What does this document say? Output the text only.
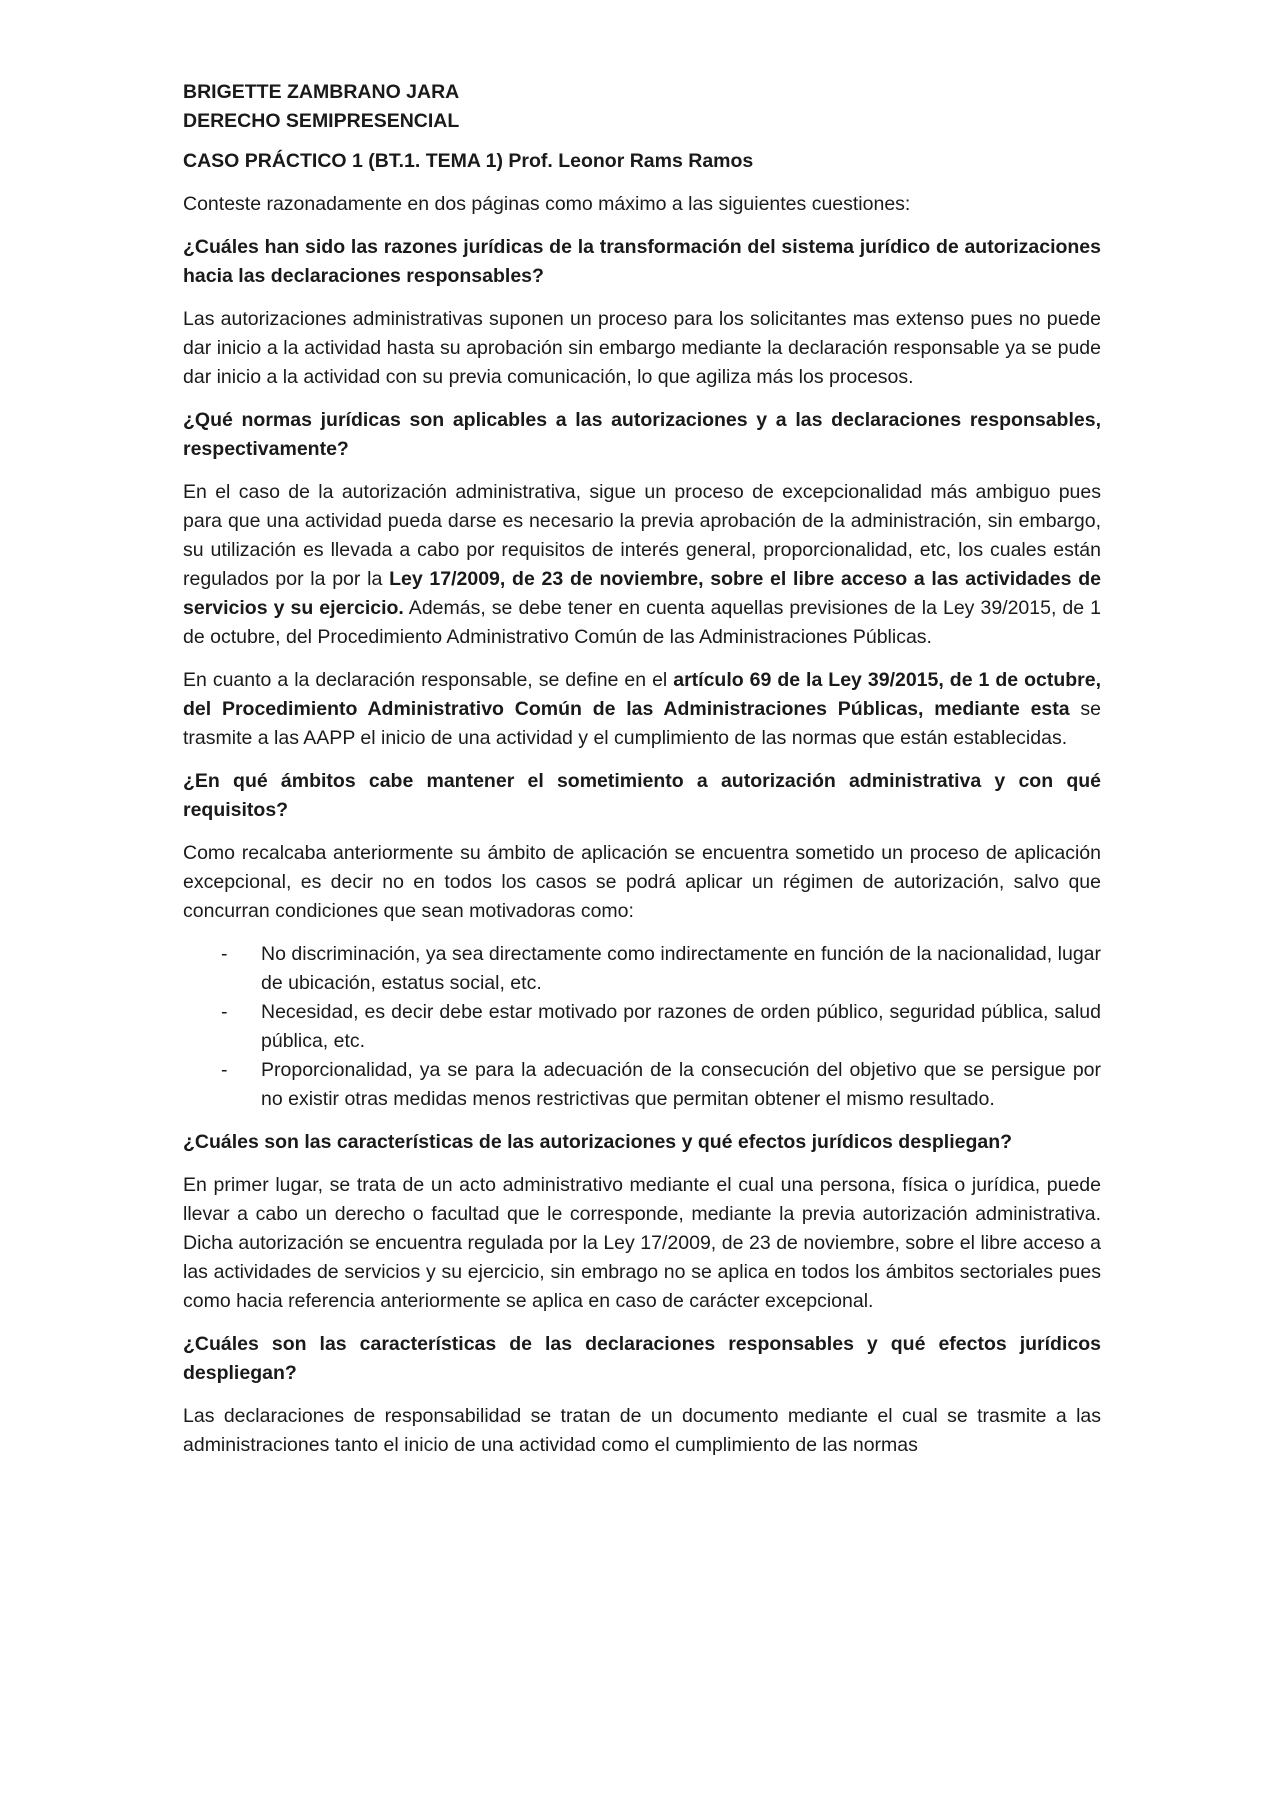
BRIGETTE ZAMBRANO JARA

DERECHO SEMIPRESENCIAL

CASO PRÁCTICO 1 (BT.1. TEMA 1) Prof. Leonor Rams Ramos

Conteste razonadamente en dos páginas como máximo a las siguientes cuestiones:

¿Cuáles han sido las razones jurídicas de la transformación del sistema jurídico de autorizaciones hacia las declaraciones responsables?

Las autorizaciones administrativas suponen un proceso para los solicitantes mas extenso pues no puede dar inicio a la actividad hasta su aprobación sin embargo mediante la declaración responsable ya se pude dar inicio a la actividad con su previa comunicación, lo que agiliza más los procesos.

¿Qué normas jurídicas son aplicables a las autorizaciones y a las declaraciones responsables, respectivamente?

En el caso de la autorización administrativa, sigue un proceso de excepcionalidad más ambiguo pues para que una actividad pueda darse es necesario la previa aprobación de la administración, sin embargo, su utilización es llevada a cabo por requisitos de interés general, proporcionalidad, etc, los cuales están regulados por la por la Ley 17/2009, de 23 de noviembre, sobre el libre acceso a las actividades de servicios y su ejercicio. Además, se debe tener en cuenta aquellas previsiones de la Ley 39/2015, de 1 de octubre, del Procedimiento Administrativo Común de las Administraciones Públicas.

En cuanto a la declaración responsable, se define en el artículo 69 de la Ley 39/2015, de 1 de octubre, del Procedimiento Administrativo Común de las Administraciones Públicas, mediante esta se trasmite a las AAPP el inicio de una actividad y el cumplimiento de las normas que están establecidas.

¿En qué ámbitos cabe mantener el sometimiento a autorización administrativa y con qué requisitos?

Como recalcaba anteriormente su ámbito de aplicación se encuentra sometido un proceso de aplicación excepcional, es decir no en todos los casos se podrá aplicar un régimen de autorización, salvo que concurran condiciones que sean motivadoras como:

- No discriminación, ya sea directamente como indirectamente en función de la nacionalidad, lugar de ubicación, estatus social, etc.
- Necesidad, es decir debe estar motivado por razones de orden público, seguridad pública, salud pública, etc.
- Proporcionalidad, ya se para la adecuación de la consecución del objetivo que se persigue por no existir otras medidas menos restrictivas que permitan obtener el mismo resultado.

¿Cuáles son las características de las autorizaciones y qué efectos jurídicos despliegan?

En primer lugar, se trata de un acto administrativo mediante el cual una persona, física o jurídica, puede llevar a cabo un derecho o facultad que le corresponde, mediante la previa autorización administrativa. Dicha autorización se encuentra regulada por la Ley 17/2009, de 23 de noviembre, sobre el libre acceso a las actividades de servicios y su ejercicio, sin embrago no se aplica en todos los ámbitos sectoriales pues como hacia referencia anteriormente se aplica en caso de carácter excepcional.

¿Cuáles son las características de las declaraciones responsables y qué efectos jurídicos despliegan?

Las declaraciones de responsabilidad se tratan de un documento mediante el cual se trasmite a las administraciones tanto el inicio de una actividad como el cumplimiento de las normas
